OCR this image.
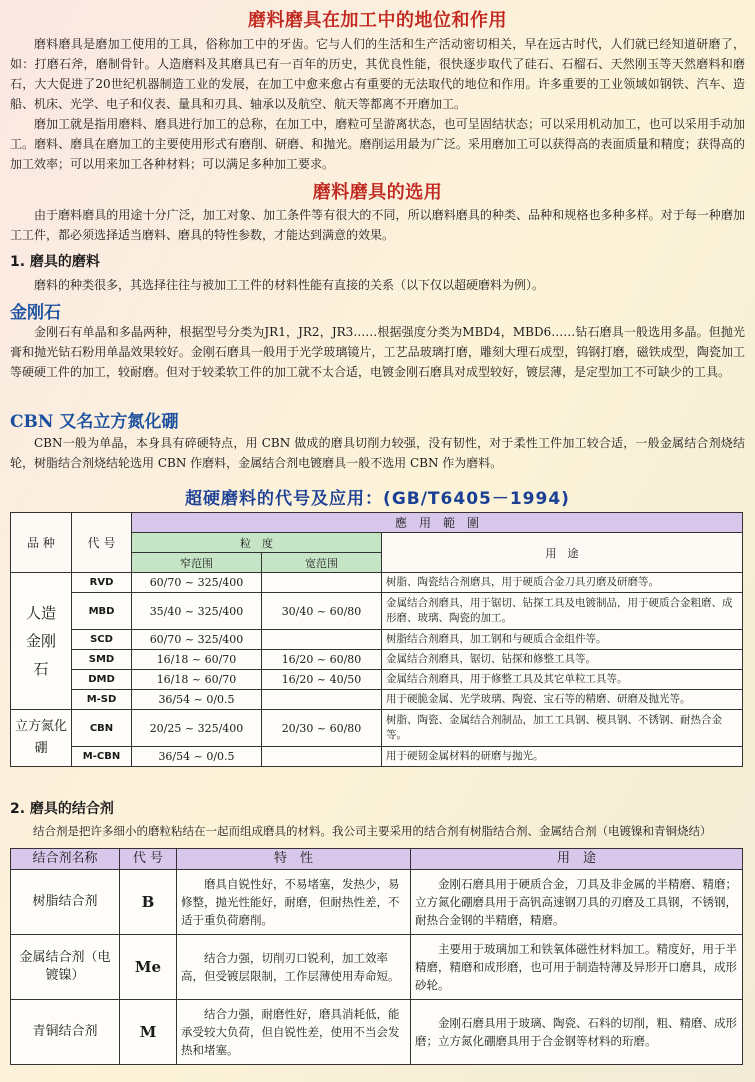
磨料磨具在加工中的地位和作用

磨料磨具是磨加工使用的工具，俗称加工中的牙齿。它与人们的生活和生产活动密切相关，早在远古时代，人们就已经知道研磨了，如：打磨石斧，磨制骨针。人造磨料及其磨具已有一百年的历史，其优良性能，很快逐步取代了硅石、石榴石、天然刚玉等天然磨料和磨石，大大促进了20世纪机器制造工业的发展，在加工中愈来愈占有重要的无法取代的地位和作用。许多重要的工业领域如钢铁、汽车、造船、机床、光学、电子和仪表、量具和刃具、轴承以及航空、航天等都离不开磨加工。

磨加工就是指用磨料、磨具进行加工的总称，在加工中，磨粒可呈游离状态，也可呈固结状态；可以采用机动加工，也可以采用手动加工。磨料、磨具在磨加工的主要使用形式有磨削、研磨、和抛光。磨削运用最为广泛。采用磨加工可以获得高的表面质量和精度；获得高的加工效率；可以用来加工各种材料；可以满足多种加工要求。

磨料磨具的选用

由于磨料磨具的用途十分广泛，加工对象、加工条件等有很大的不同，所以磨料磨具的种类、品种和规格也多种多样。对于每一种磨加工工件，都必须选择适当磨料、磨具的特性参数，才能达到满意的效果。

1. 磨具的磨料

磨料的种类很多，其选择往往与被加工工件的材料性能有直接的关系（以下仅以超硬磨料为例）。

金刚石

金刚石有单晶和多晶两种，根据型号分类为JR1，JR2，JR3……根据强度分类为MBD4，MBD6……钻石磨具一般选用多晶。但抛光膏和抛光钻石粉用单晶效果较好。金刚石磨具一般用于光学玻璃镜片，工艺品玻璃打磨，雕刻大理石成型，钨钢打磨，磁铁成型，陶瓷加工等硬硬工件的加工，较耐磨。但对于较柔软工件的加工就不太合适，电镀金刚石磨具对成型较好，镀层薄，是定型加工不可缺少的工具。

CBN 又名立方氮化硼

CBN一般为单晶，本身具有碎硬特点，用 CBN 做成的磨具切削力较强，没有韧性，对于柔性工件加工较合适，一般金属结合剂烧结轮，树脂结合剂烧结轮选用 CBN 作磨料，金属结合剂电镀磨具一般不选用 CBN 作为磨料。

超硬磨料的代号及应用：(GB/T6405－1994)
品 种	代 号	應　用　範　圍		
		粒　度		用　途
		窄范围	宽范围	
人造金刚石	RVD	60/70 ~ 325/400		树脂、陶瓷结合剂磨具，用于硬质合金刀具刃磨及研磨等。
	MBD	35/40 ~ 325/400	30/40 ~ 60/80	金属结合剂磨具，用于锯切、钻探工具及电镀制品，用于硬质合金粗磨、成形磨、玻璃、陶瓷的加工。
	SCD	60/70 ~ 325/400		树脂结合剂磨具，加工钢和与硬质合金组件等。
	SMD	16/18 ~ 60/70	16/20 ~ 60/80	金属结合剂磨具，锯切、钻探和修整工具等。
	DMD	16/18 ~ 60/70	16/20 ~ 40/50	金属结合剂磨具，用于修整工具及其它单粒工具等。
	M-SD	36/54 ~ 0/0.5		用于硬脆金属、光学玻璃、陶瓷、宝石等的精磨、研磨及抛光等。
立方氮化硼	CBN	20/25 ~ 325/400	20/30 ~ 60/80	树脂、陶瓷、金属结合剂制品，加工工具钢、模具钢、不锈钢、耐热合金等。
	M-CBN	36/54 ~ 0/0.5		用于硬韧金属材料的研磨与抛光。
2. 磨具的结合剂

结合剂是把许多细小的磨粒粘结在一起而组成磨具的材料。我公司主要采用的结合剂有树脂结合剂、金属结合剂（电镀镍和青铜烧结）

结合剂名称	代 号	特　性	用　途
树脂结合剂	B	磨具自锐性好，不易堵塞，发热少，易修整，抛光性能好，耐磨，但耐热性差，不适于重负荷磨削。	金刚石磨具用于硬质合金，刀具及非金属的半精磨、精磨；立方氮化硼磨具用于高钒高速钢刀具的刃磨及工具钢，不锈钢，耐热合金钢的半精磨，精磨。
金属结合剂（电镀镍）	Me	结合力强，切削刃口锐利，加工效率高，但受镀层限制，工作层薄使用寿命短。	主要用于玻璃加工和铁氧体磁性材料加工。精度好，用于半精磨，精磨和成形磨，也可用于制造特薄及异形开口磨具，成形砂轮。
青铜结合剂	M	结合力强，耐磨性好，磨具消耗低，能承受较大负荷，但自锐性差，使用不当会发热和堵塞。	金刚石磨具用于玻璃、陶瓷、石料的切削，粗、精磨、成形磨；立方氮化硼磨具用于合金钢等材料的珩磨。
